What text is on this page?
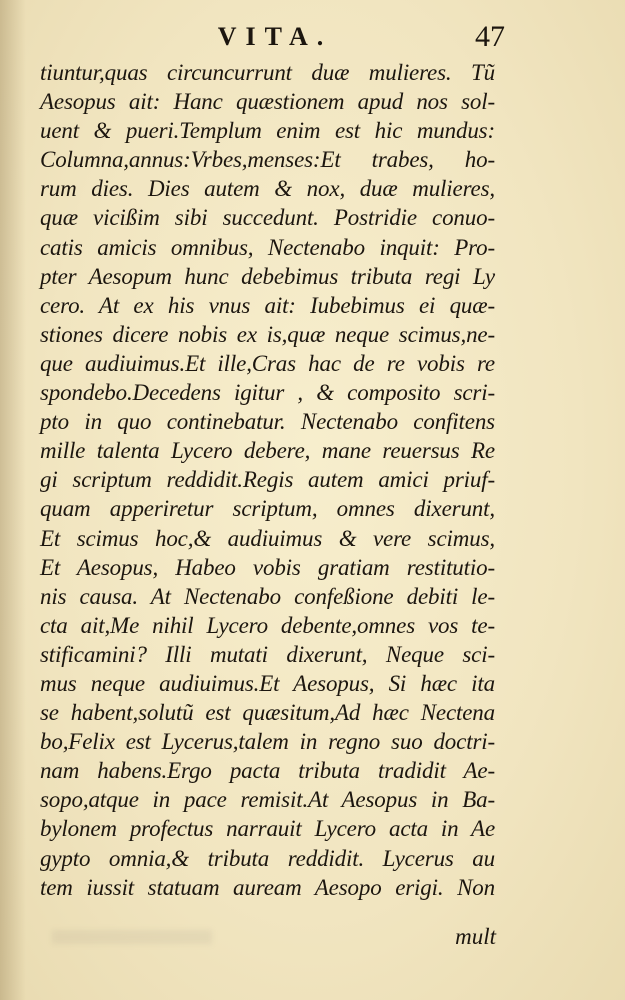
VITA.	47
tiuntur,quas circuncurrunt duæ mulieres. Tũ
Aesopus ait: Hanc quæstionem apud nos sol-
uent & pueri.Templum enim est hic mundus:
Columna,annus:Vrbes,menses:Et trabes, ho-
rum dies. Dies autem & nox, duæ mulieres,
quæ vicißim sibi succedunt. Postridie conuo-
catis amicis omnibus, Nectenabo inquit: Pro-
pter Aesopum hunc debebimus tributa regi Ly
cero. At ex his vnus ait: Iubebimus ei quæ-
stiones dicere nobis ex is,quæ neque scimus,ne-
que audiuimus.Et ille,Cras hac de re vobis re
spondebo.Decedens igitur , & composito scri-
pto in quo continebatur. Nectenabo confitens
mille talenta Lycero debere, mane reuersus Re
gi scriptum reddidit.Regis autem amici priuf-
quam apperiretur scriptum, omnes dixerunt,
Et scimus hoc,& audiuimus & vere scimus,
Et Aesopus, Habeo vobis gratiam restitutio-
nis causa. At Nectenabo confeßione debiti le-
cta ait,Me nihil Lycero debente,omnes vos te-
stificamini? Illi mutati dixerunt, Neque sci-
mus neque audiuimus.Et Aesopus, Si hæc ita
se habent,solutũ est quæsitum,Ad hæc Nectena
bo,Felix est Lycerus,talem in regno suo doctri-
nam habens.Ergo pacta tributa tradidit Ae-
sopo,atque in pace remisit.At Aesopus in Ba-
bylonem profectus narrauit Lycero acta in Ae
gypto omnia,& tributa reddidit. Lycerus au
tem iussit statuam auream Aesopo erigi. Non
mult
